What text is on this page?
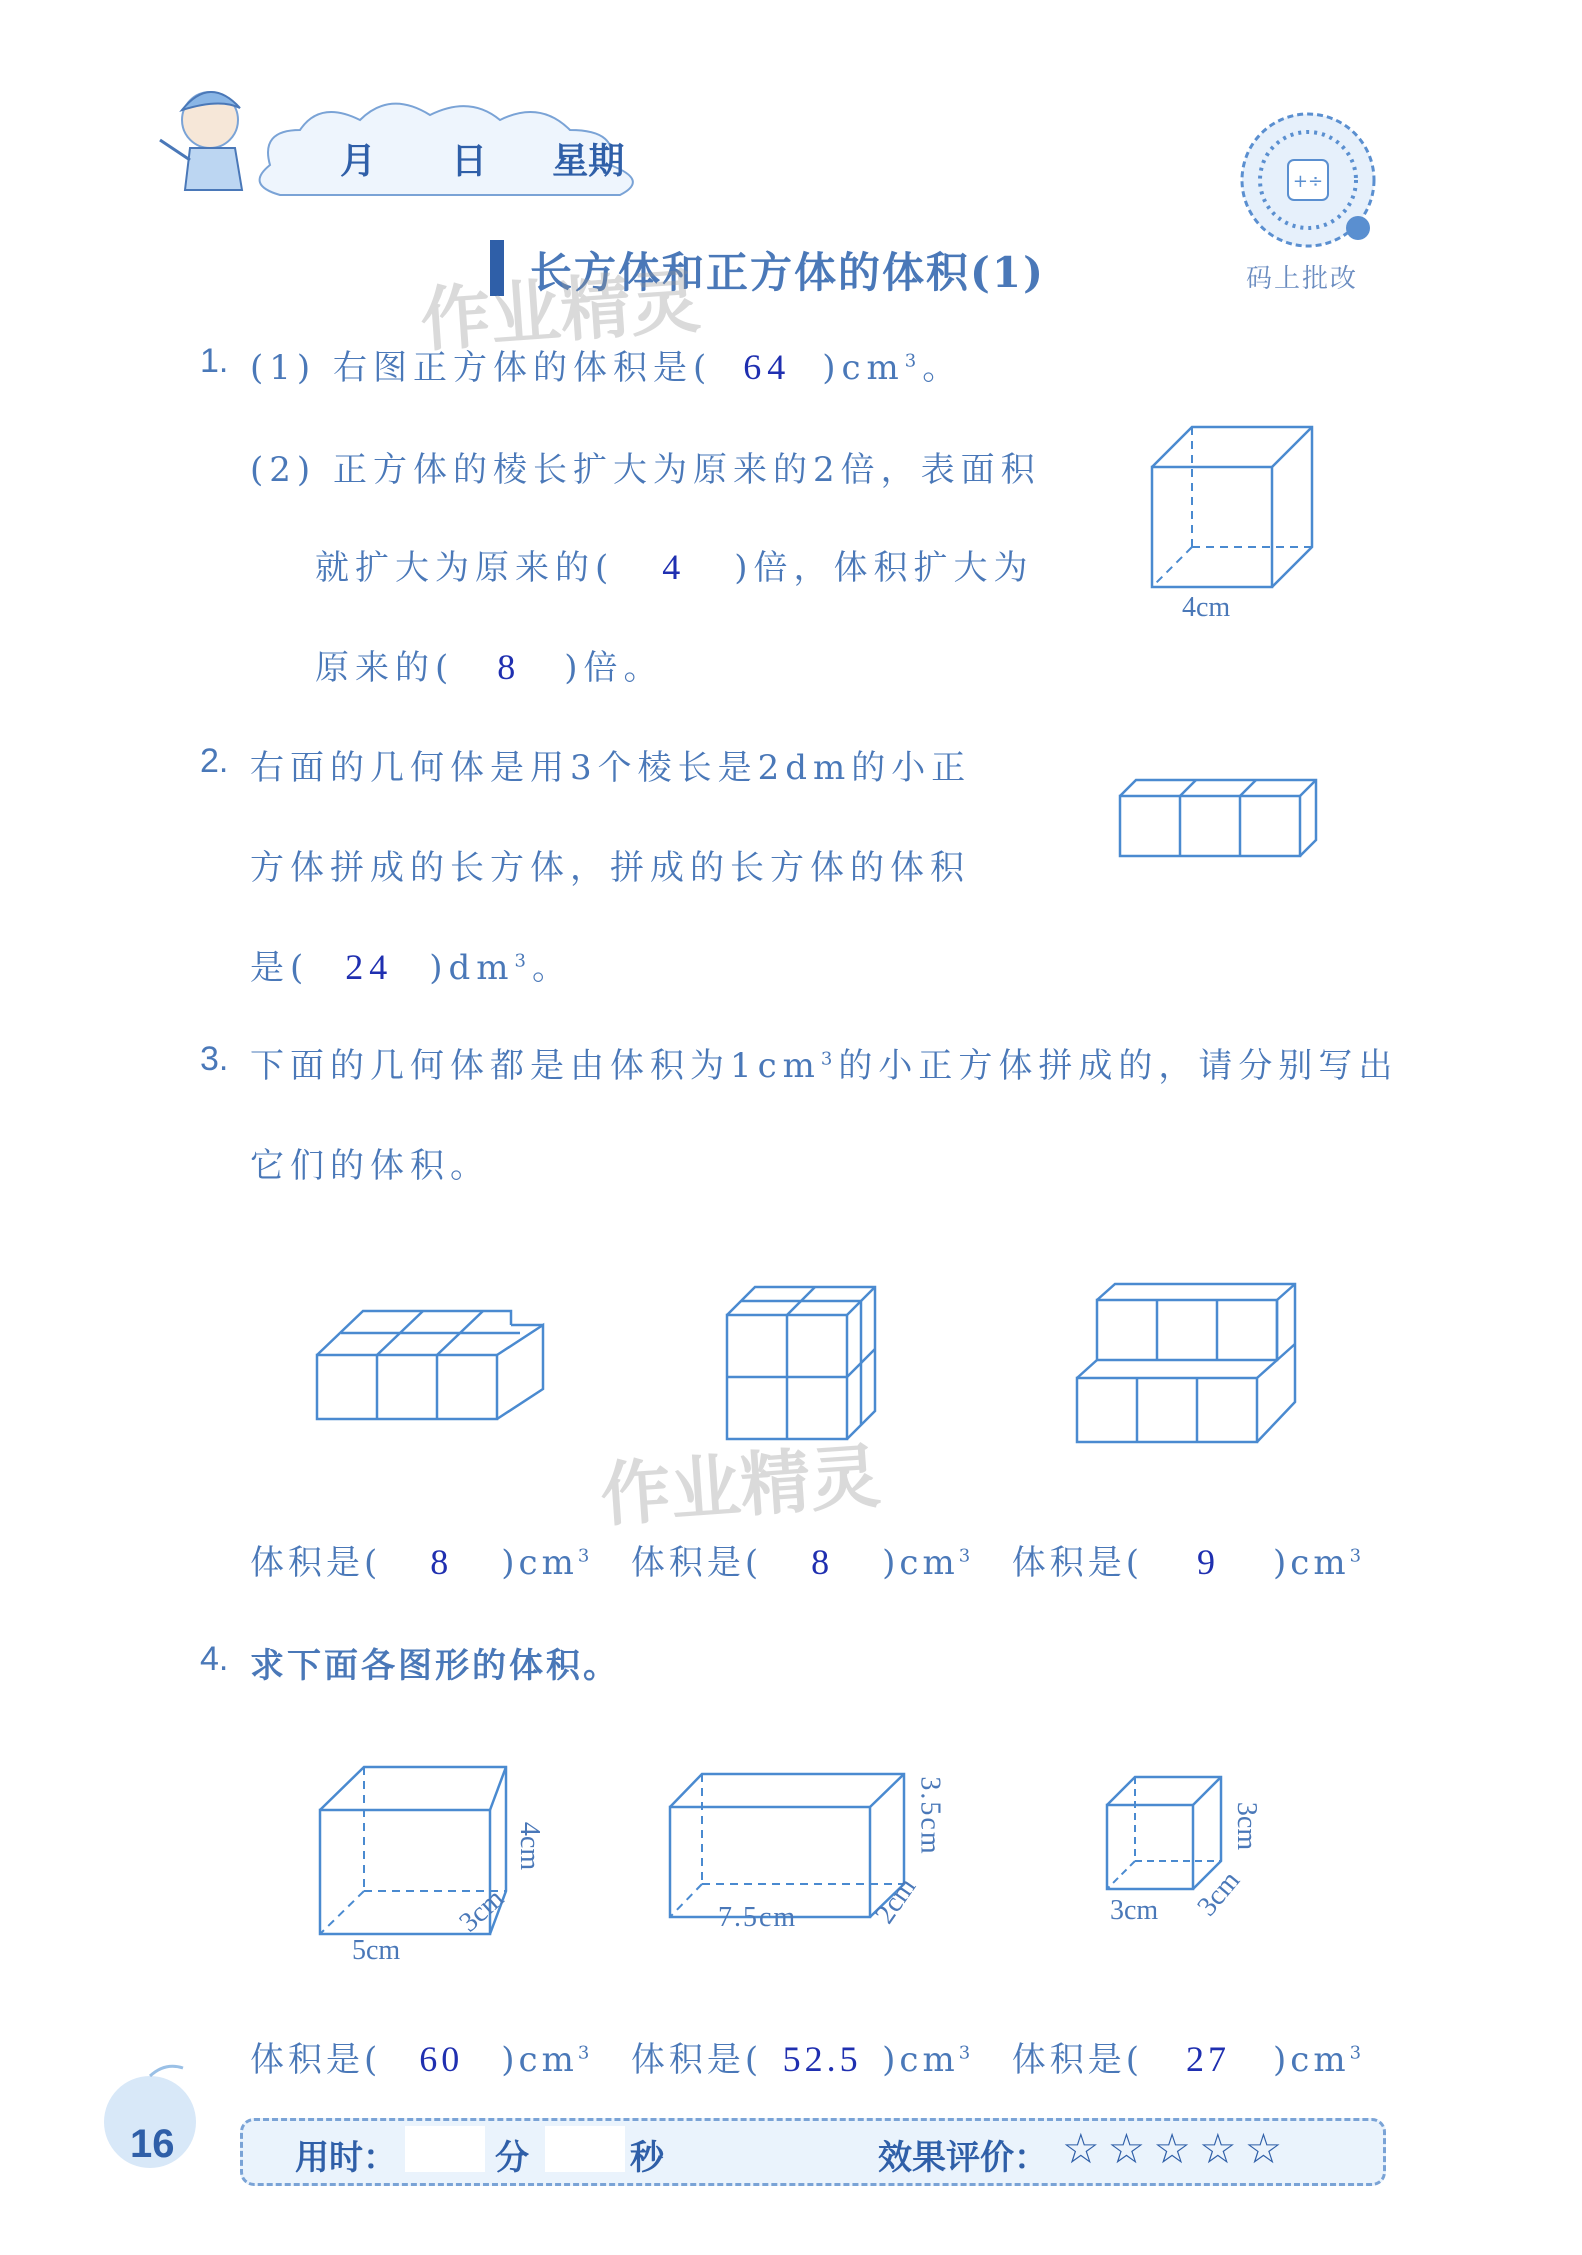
月 日 星期	+÷
码上批改
长方体和正方体的体积(1)
作业精灵
1. (1) 右图正方体的体积是( 64 )$cm^3$。
(2) 正方体的棱长扩大为原来的2倍，表面积
就扩大为原来的( 4 )倍，体积扩大为
原来的( 8 )倍。
4cm
2. 右面的几何体是用3个棱长是2dm的小正
方体拼成的长方体，拼成的长方体的体积
是( 24 )$dm^3$。
3. 下面的几何体都是由体积为$1cm^3$的小正方体拼成的，请分别写出
它们的体积。
作业精灵
体积是( 8 )$cm^3$ 体积是( 8 )$cm^3$ 体积是( 9 )$cm^3$
4. 求下面各图形的体积。
5cm
3cm
4cm
7.5cm	2cm
3.5cm
3cm 3cm
3cm
体积是( 60 )$cm^3$ 体积是( 52.5 )$cm^3$ 体积是( 27 )$cm^3$
16	用时：	分	秒	效果评价： ☆☆☆☆☆
